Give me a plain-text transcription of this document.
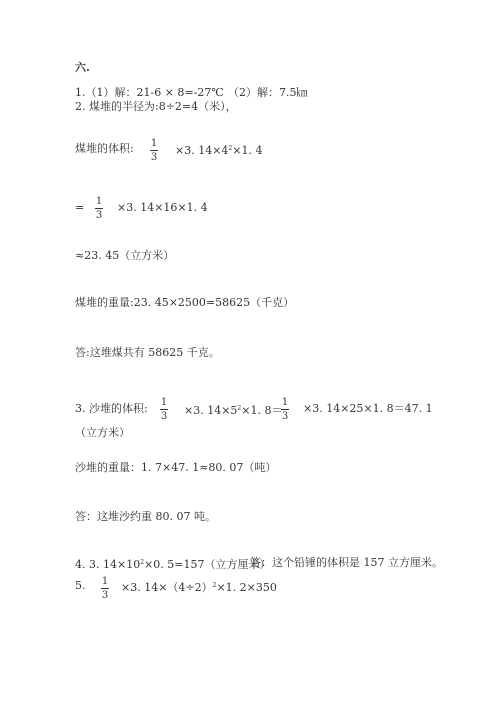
六.
1.（1）解：21-6 × 8=-27℃ （2）解：7.5㎞
2. 煤堆的半径为:8÷2=4（米），
煤堆的体积: 1
3
×3. $14\times 4^2\times 1$. 4
= 1
3
×3. 14×16×1. 4
≈23. 45（立方米）
煤堆的重量:23. 45×2500=58625（千克）
答:这堆煤共有 58625 千克。
3. 沙堆的体积: 1
3 ×3. $14\times 5^2\times 1$. 8＝
1
3
×3. 14×25×1. 8＝47. 1
（立方米）
沙堆的重量：1. 7×47. 1≈80. 07（吨）
答：这堆沙约重 80. 07 吨。
4. 3. $14\times 10^2\times 0$. 5=157（立方厘米）
答：这个铅锤的体积是 157 立方厘米。
5. 1
3
×3. $14\times(4\div 2)^2\times 1$. 2×350
